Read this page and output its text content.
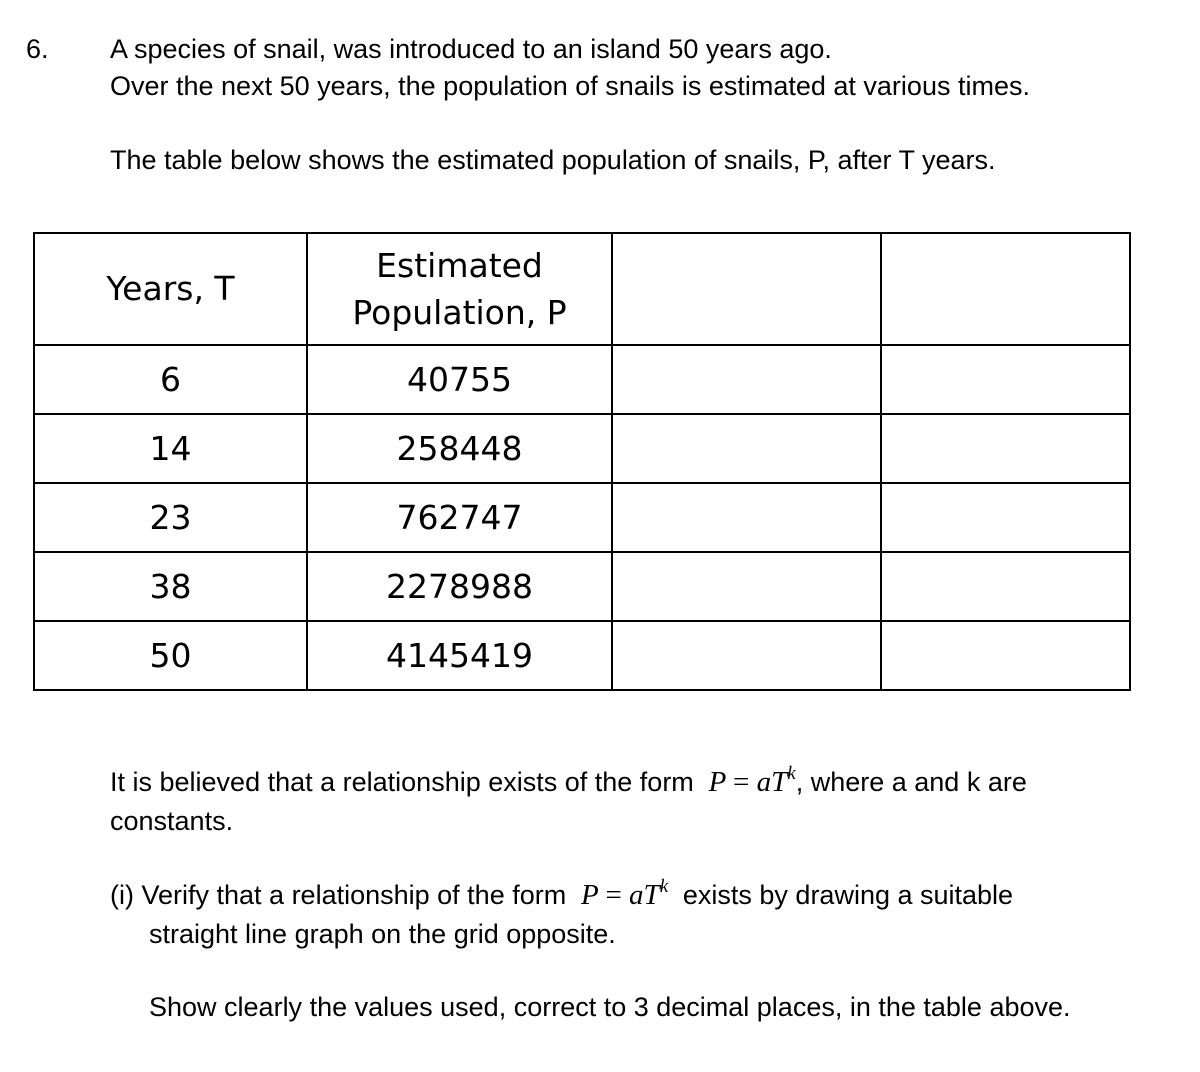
6. A species of snail, was introduced to an island 50 years ago.
Over the next 50 years, the population of snails is estimated at various times.
The table below shows the estimated population of snails, P, after T years.
Years, T	Estimated
Population, P		

6	40755		
14	258448		
23	762747		
38	2278988		
50	4145419		
It is believed that a relationship exists of the form $P = aT^k$, where a and k are
constants.
(i) Verify that a relationship of the form $P = aT^k$ exists by drawing a suitable
straight line graph on the grid opposite.
Show clearly the values used, correct to 3 decimal places, in the table above.
